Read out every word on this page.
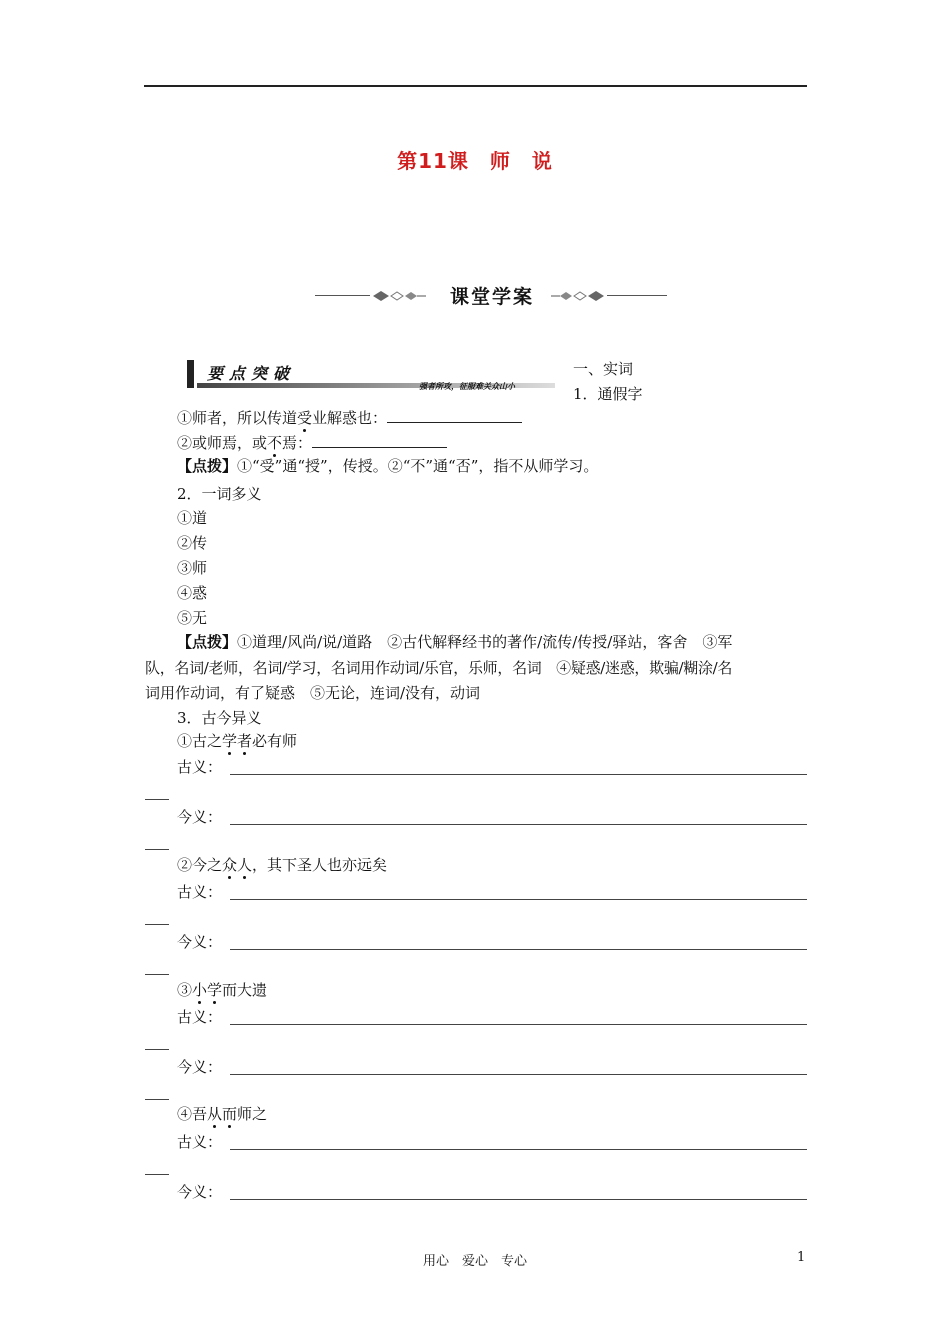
第11课　师　说
课堂学案
要点突破
强者所攻，征服难关众山小
一、实词
1．通假字
①师者，所以传道受业解惑也：
②或师焉，或不焉：
【点拨】①“受”通“授”，传授。②“不”通“否”，指不从师学习。
2．一词多义
①道
②传
③师
④惑
⑤无
【点拨】①道理/风尚/说/道路　②古代解释经书的著作/流传/传授/驿站，客舍　③军
队，名词/老师，名词/学习，名词用作动词/乐官，乐师，名词　④疑惑/迷惑，欺骗/糊涂/名
词用作动词，有了疑惑　⑤无论，连词/没有，动词
3．古今异义
①古之学者必有师
古义：
今义：
②今之众人，其下圣人也亦远矣
古义：
今义：
③小学而大遗
古义：
今义：
④吾从而师之
古义：
今义：
用心　爱心　专心	1
